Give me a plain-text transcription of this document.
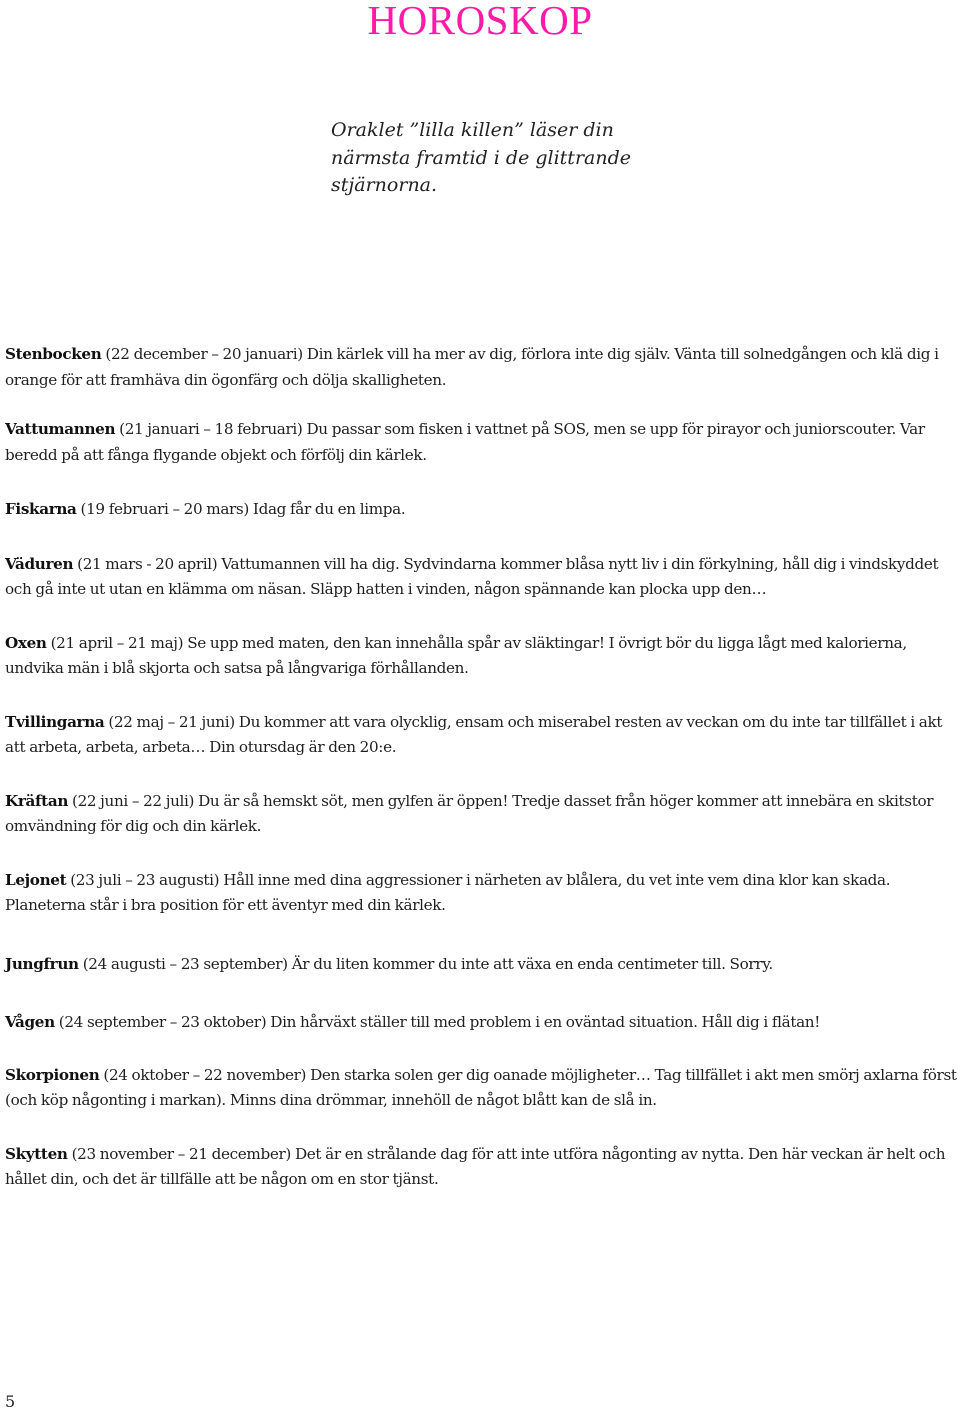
HOROSKOP

Oraklet ”lilla killen” läser din närmsta framtid i de glittrande stjärnorna.

Stenbocken (22 december – 20 januari) Din kärlek vill ha mer av dig, förlora inte dig själv. Vänta till solnedgången och klä dig i orange för att framhäva din ögonfärg och dölja skalligheten.

Vattumannen (21 januari – 18 februari) Du passar som fisken i vattnet på SOS, men se upp för pirayor och juniorscouter. Var beredd på att fånga flygande objekt och förfölj din kärlek.

Fiskarna (19 februari – 20 mars) Idag får du en limpa.

Väduren (21 mars - 20 april) Vattumannen vill ha dig. Sydvindarna kommer blåsa nytt liv i din förkylning, håll dig i vindskyddet och gå inte ut utan en klämma om näsan. Släpp hatten i vinden, någon spännande kan plocka upp den…

Oxen (21 april – 21 maj) Se upp med maten, den kan innehålla spår av släktingar! I övrigt bör du ligga lågt med kalorierna, undvika män i blå skjorta och satsa på långvariga förhållanden.

Tvillingarna (22 maj – 21 juni) Du kommer att vara olycklig, ensam och miserabel resten av veckan om du inte tar tillfället i akt att arbeta, arbeta, arbeta… Din otursdag är den 20:e.

Kräftan (22 juni – 22 juli) Du är så hemskt söt, men gylfen är öppen! Tredje dasset från höger kommer att innebära en skitstor omvändning för dig och din kärlek.

Lejonet (23 juli – 23 augusti) Håll inne med dina aggressioner i närheten av blålera, du vet inte vem dina klor kan skada. Planeterna står i bra position för ett äventyr med din kärlek.

Jungfrun (24 augusti – 23 september) Är du liten kommer du inte att växa en enda centimeter till. Sorry.

Vågen (24 september – 23 oktober) Din hårväxt ställer till med problem i en oväntad situation. Håll dig i flätan!

Skorpionen (24 oktober – 22 november) Den starka solen ger dig oanade möjligheter… Tag tillfället i akt men smörj axlarna först (och köp någonting i markan). Minns dina drömmar, innehöll de något blått kan de slå in.

Skytten (23 november – 21 december) Det är en strålande dag för att inte utföra någonting av nytta. Den här veckan är helt och hållet din, och det är tillfälle att be någon om en stor tjänst.

5
